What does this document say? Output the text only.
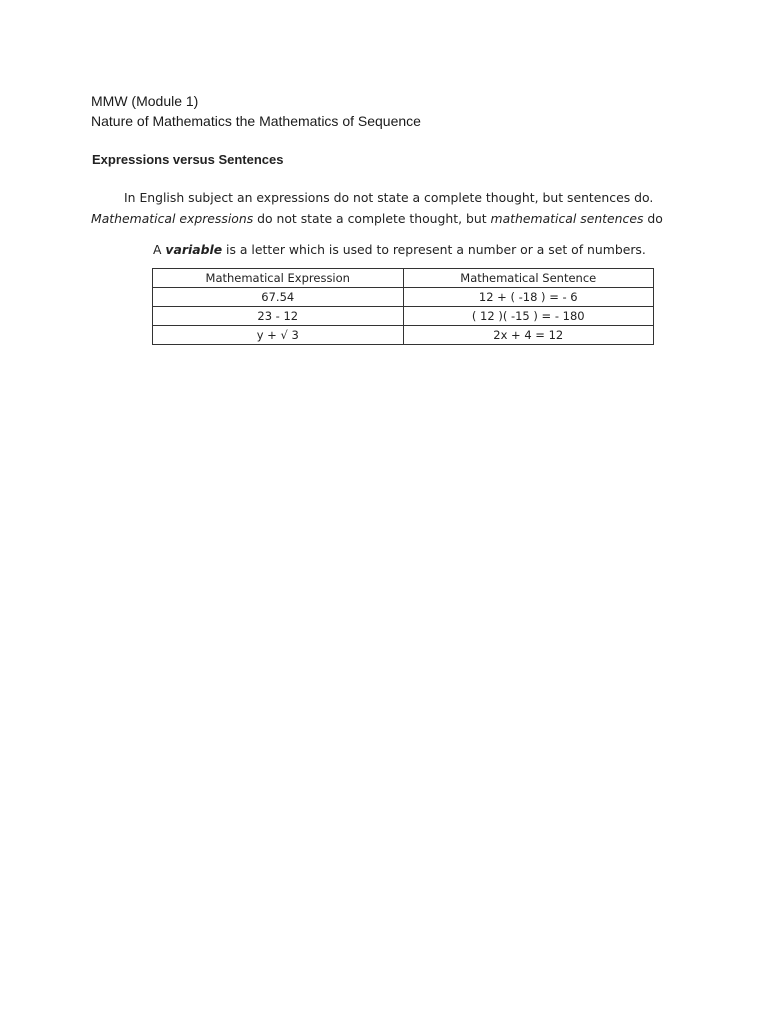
MMW (Module 1)
Nature of Mathematics the Mathematics of Sequence
Expressions versus Sentences
In English subject an expressions do not state a complete thought, but sentences do.
Mathematical expressions do not state a complete thought, but mathematical sentences do
A variable is a letter which is used to represent a number or a set of numbers.
Mathematical Expression	Mathematical Sentence
67.54	12 + ( -18 ) = - 6
23 - 12	( 12 )( -15 ) = - 180
y + √ 3	2x + 4 = 12
